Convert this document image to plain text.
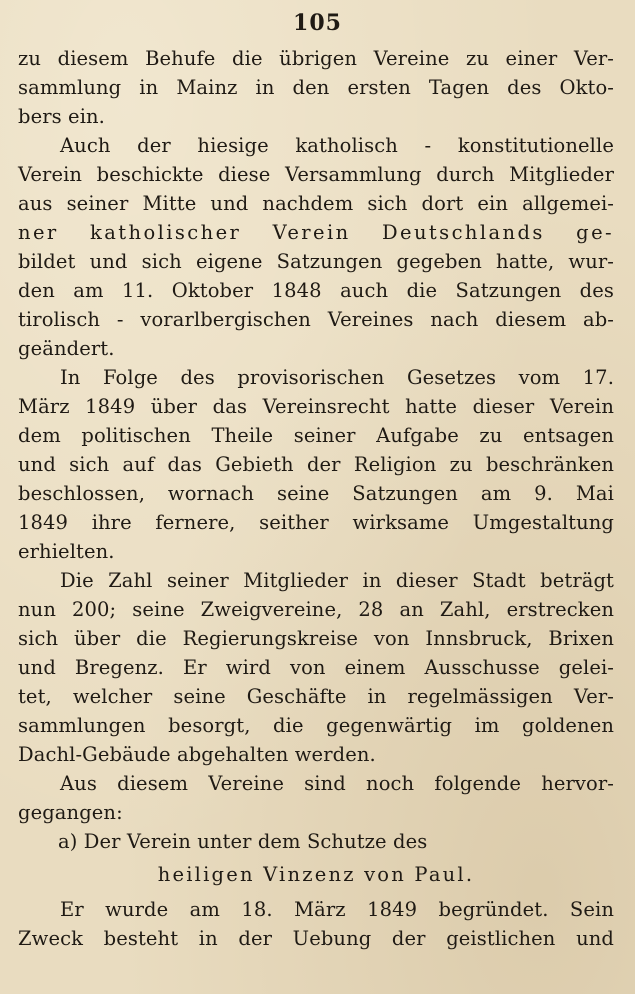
105
zu diesem Behufe die übrigen Vereine zu einer Ver-
sammlung in Mainz in den ersten Tagen des Okto-
bers ein.
Auch der hiesige katholisch - konstitutionelle
Verein beschickte diese Versammlung durch Mitglieder
aus seiner Mitte und nachdem sich dort ein allgemei-
ner katholischer Verein Deutschlands ge-
bildet und sich eigene Satzungen gegeben hatte, wur-
den am 11. Oktober 1848 auch die Satzungen des
tirolisch - vorarlbergischen Vereines nach diesem ab-
geändert.
In Folge des provisorischen Gesetzes vom 17.
März 1849 über das Vereinsrecht hatte dieser Verein
dem politischen Theile seiner Aufgabe zu entsagen
und sich auf das Gebieth der Religion zu beschränken
beschlossen, wornach seine Satzungen am 9. Mai
1849 ihre fernere, seither wirksame Umgestaltung
erhielten.
Die Zahl seiner Mitglieder in dieser Stadt beträgt
nun 200; seine Zweigvereine, 28 an Zahl, erstrecken
sich über die Regierungskreise von Innsbruck, Brixen
und Bregenz. Er wird von einem Ausschusse gelei-
tet, welcher seine Geschäfte in regelmässigen Ver-
sammlungen besorgt, die gegenwärtig im goldenen
Dachl-Gebäude abgehalten werden.
Aus diesem Vereine sind noch folgende hervor-
gegangen:
a) Der Verein unter dem Schutze des
heiligen Vinzenz von Paul.
Er wurde am 18. März 1849 begründet. Sein
Zweck besteht in der Uebung der geistlichen und
